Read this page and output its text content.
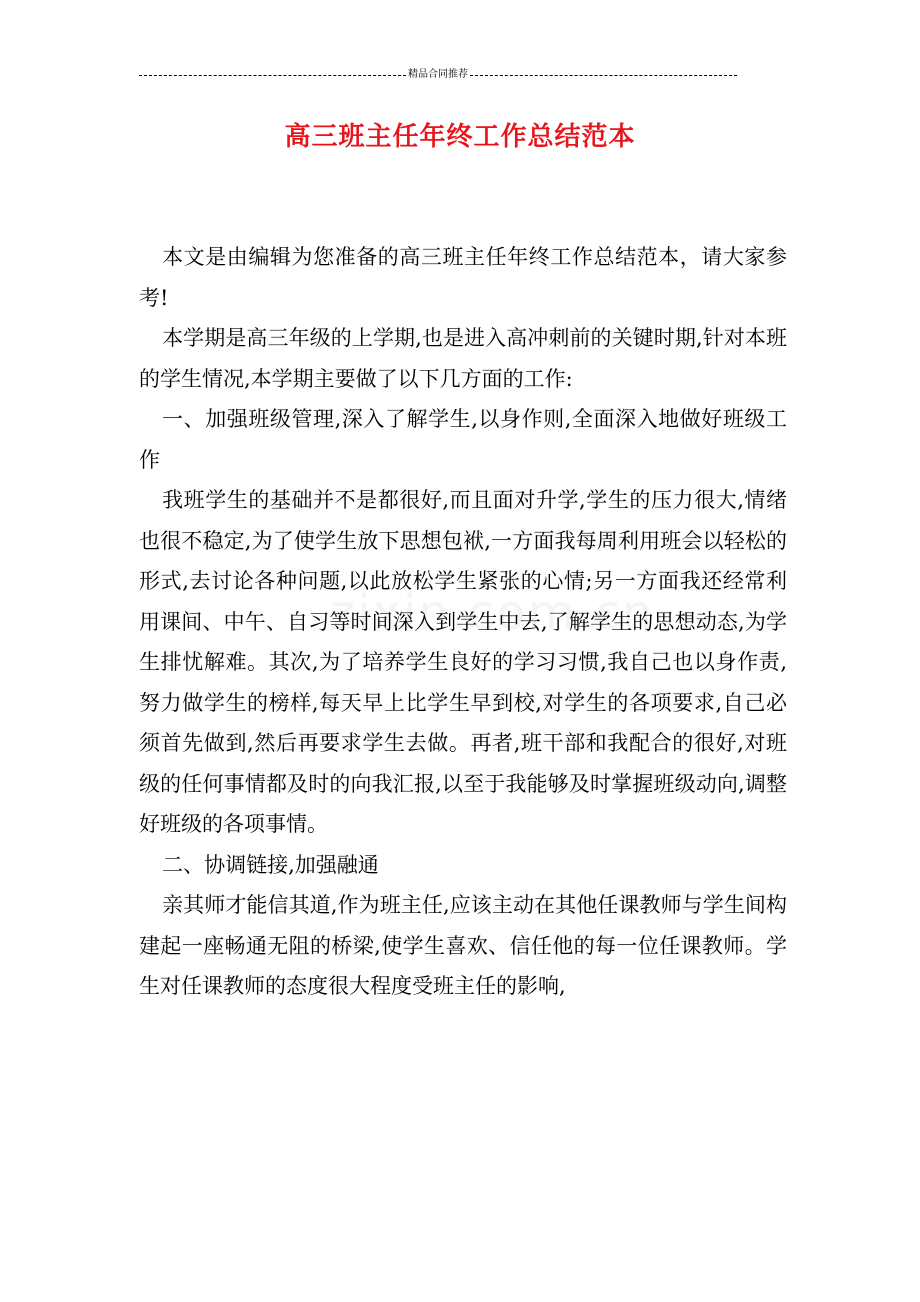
精品合同推荐
高三班主任年终工作总结范本

本文是由编辑为您准备的高三班主任年终工作总结范本，请大家参考!

本学期是高三年级的上学期,也是进入高冲刺前的关键时期,针对本班的学生情况,本学期主要做了以下几方面的工作:

一、加强班级管理,深入了解学生,以身作则,全面深入地做好班级工作

我班学生的基础并不是都很好,而且面对升学,学生的压力很大,情绪也很不稳定,为了使学生放下思想包袱,一方面我每周利用班会以轻松的形式,去讨论各种问题,以此放松学生紧张的心情;另一方面我还经常利用课间、中午、自习等时间深入到学生中去,了解学生的思想动态,为学生排忧解难。其次,为了培养学生良好的学习习惯,我自己也以身作责,努力做学生的榜样,每天早上比学生早到校,对学生的各项要求,自己必须首先做到,然后再要求学生去做。再者,班干部和我配合的很好,对班级的任何事情都及时的向我汇报,以至于我能够及时掌握班级动向,调整好班级的各项事情。

二、协调链接,加强融通

亲其师才能信其道,作为班主任,应该主动在其他任课教师与学生间构建起一座畅通无阻的桥梁,使学生喜欢、信任他的每一位任课教师。学生对任课教师的态度很大程度受班主任的影响,
